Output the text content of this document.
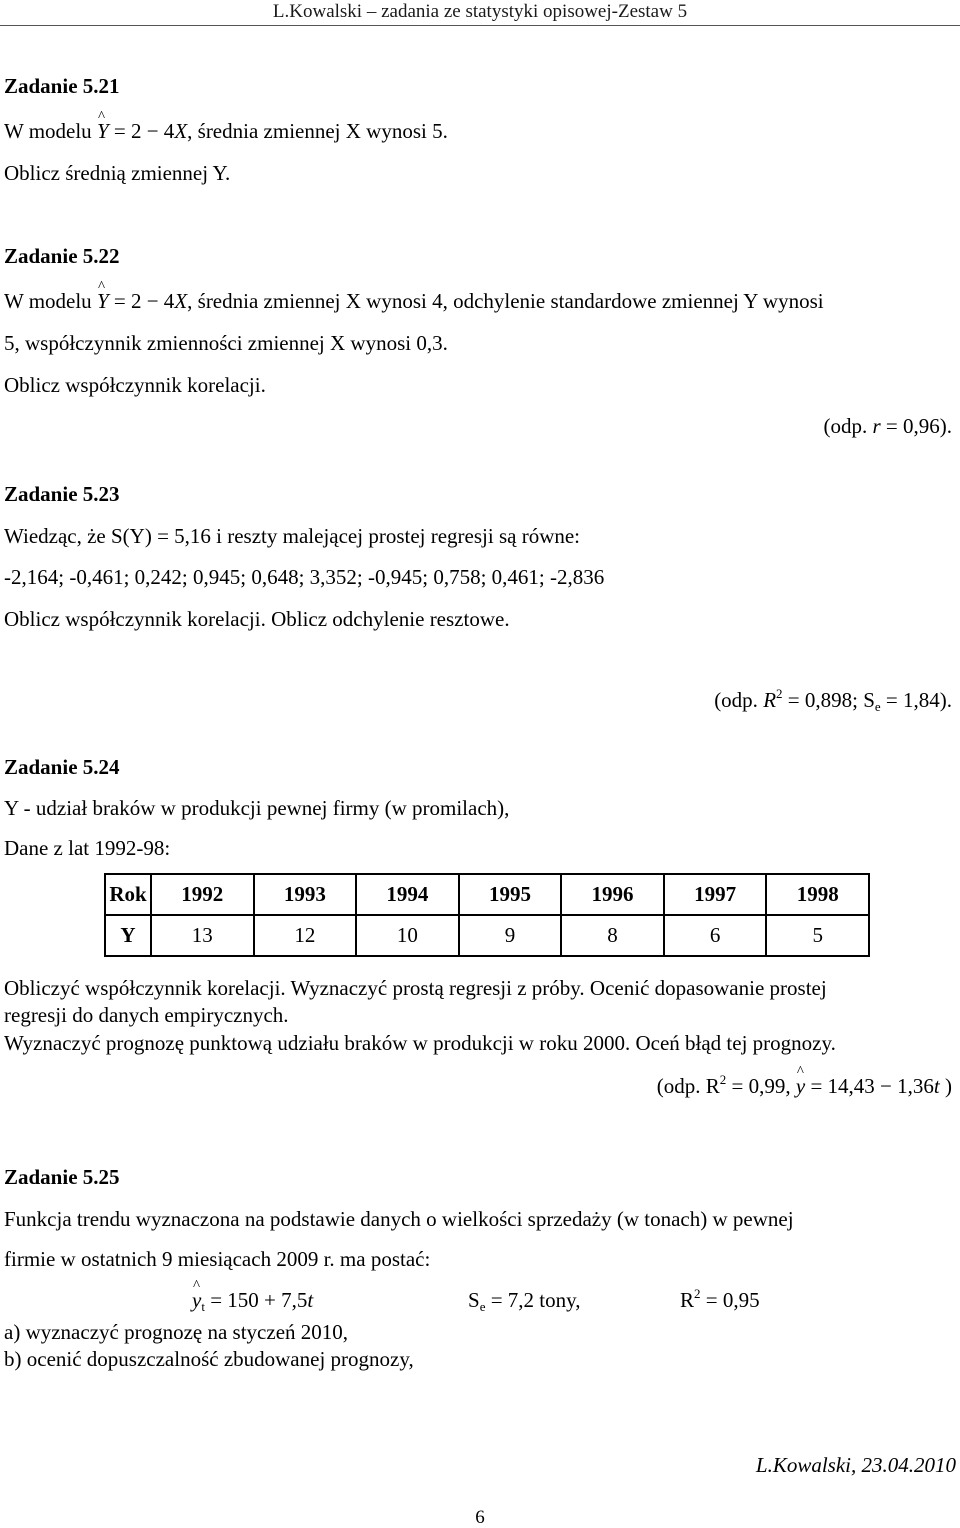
L.Kowalski – zadania ze statystyki opisowej-Zestaw 5
Zadanie 5.21
W modelu ^ Y = 2 − 4X, średnia zmiennej X wynosi 5.
Oblicz średnią zmiennej Y.
Zadanie 5.22
W modelu ^ Y = 2 − 4X, średnia zmiennej X wynosi 4, odchylenie standardowe zmiennej Y wynosi
5, współczynnik zmienności zmiennej X wynosi 0,3.
Oblicz współczynnik korelacji.
(odp. r = 0,96).
Zadanie 5.23
Wiedząc, że S(Y) = 5,16 i reszty malejącej prostej regresji są równe:
-2,164; -0,461; 0,242; 0,945; 0,648; 3,352; -0,945; 0,758; 0,461; -2,836
Oblicz współczynnik korelacji. Oblicz odchylenie resztowe.
(odp. $R^2 = 0,898$; $S_e = 1,84$).
Zadanie 5.24
Y - udział braków w produkcji pewnej firmy (w promilach),
Dane z lat 1992-98:
Rok	1992	1993	1994	1995	1996	1997	1998
Y	13	12	10	9	8	6	5
Obliczyć współczynnik korelacji. Wyznaczyć prostą regresji z próby. Ocenić dopasowanie prostej
regresji do danych empirycznych.
Wyznaczyć prognozę punktową udziału braków w produkcji w roku 2000. Oceń błąd tej prognozy.
(odp. $R^2 = 0,99$, ^ y = 14,43 − 1,36t )
Zadanie 5.25
Funkcja trendu wyznaczona na podstawie danych o wielkości sprzedaży (w tonach) w pewnej
firmie w ostatnich 9 miesiącach 2009 r. ma postać:
^ $y_t = 150 + 7,5t$	$S_e = 7,2$ tony,	$R^2 = 0,95$
a) wyznaczyć prognozę na styczeń 2010,
b) ocenić dopuszczalność zbudowanej prognozy,
L.Kowalski, 23.04.2010
6
